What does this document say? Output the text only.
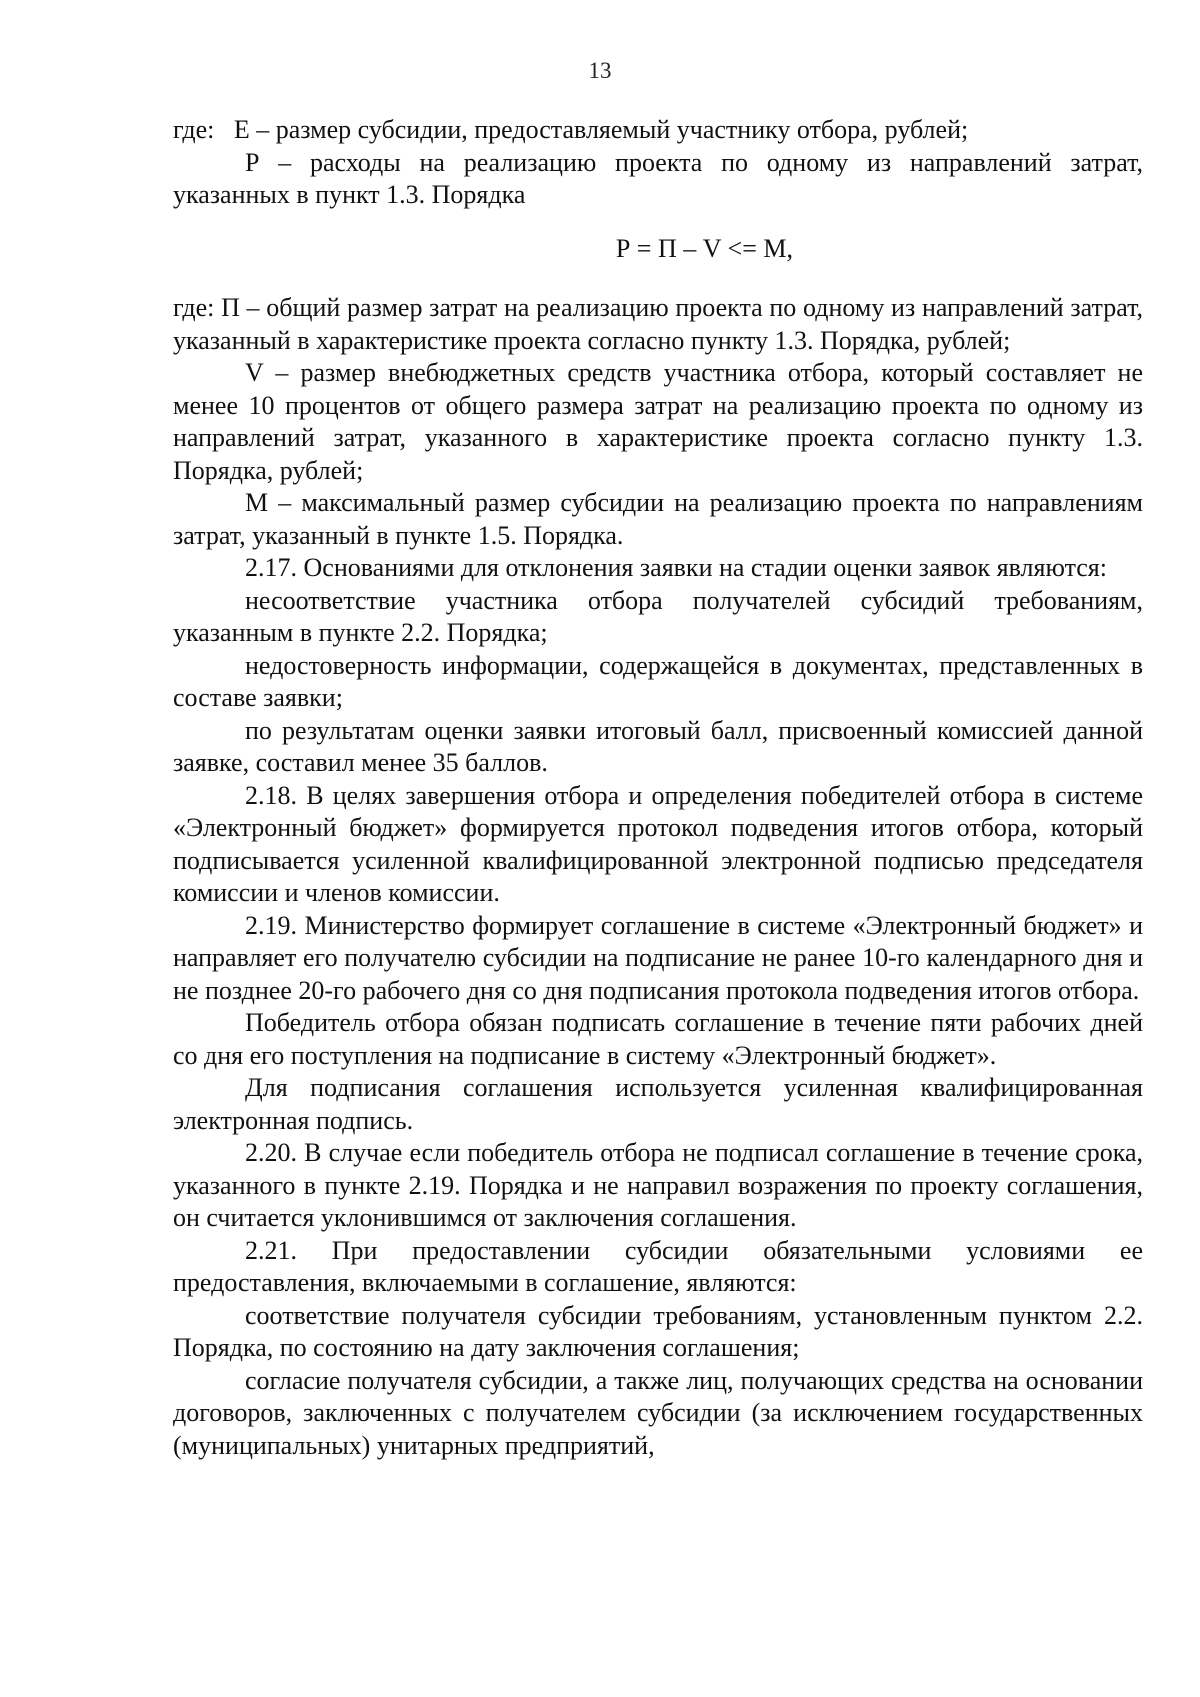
13

где:   Е – размер субсидии, предоставляемый участнику отбора, рублей;

Р – расходы на реализацию проекта по одному из направлений затрат, указанных в пункт 1.3. Порядка

Р = П – V <= М,

где: П – общий размер затрат на реализацию проекта по одному из направлений затрат, указанный в характеристике проекта согласно пункту 1.3. Порядка, рублей;

V – размер внебюджетных средств участника отбора, который составляет не менее 10 процентов от общего размера затрат на реализацию проекта по одному из направлений затрат, указанного в характеристике проекта согласно пункту 1.3. Порядка, рублей;

М – максимальный размер субсидии на реализацию проекта по направлениям затрат, указанный в пункте 1.5. Порядка.

2.17. Основаниями для отклонения заявки на стадии оценки заявок являются:

несоответствие участника отбора получателей субсидий требованиям, указанным в пункте 2.2. Порядка;

недостоверность информации, содержащейся в документах, представленных в составе заявки;

по результатам оценки заявки итоговый балл, присвоенный комиссией данной заявке, составил менее 35 баллов.

2.18. В целях завершения отбора и определения победителей отбора в системе «Электронный бюджет» формируется протокол подведения итогов отбора, который подписывается усиленной квалифицированной электронной подписью председателя комиссии и членов комиссии.

2.19. Министерство формирует соглашение в системе «Электронный бюджет» и направляет его получателю субсидии на подписание не ранее 10-го календарного дня и не позднее 20-го рабочего дня со дня подписания протокола подведения итогов отбора.

Победитель отбора обязан подписать соглашение в течение пяти рабочих дней со дня его поступления на подписание в систему «Электронный бюджет».

Для подписания соглашения используется усиленная квалифицированная электронная подпись.

2.20. В случае если победитель отбора не подписал соглашение в течение срока, указанного в пункте 2.19. Порядка и не направил возражения по проекту соглашения, он считается уклонившимся от заключения соглашения.

2.21. При предоставлении субсидии обязательными условиями ее предоставления, включаемыми в соглашение, являются:

соответствие получателя субсидии требованиям, установленным пунктом 2.2. Порядка, по состоянию на дату заключения соглашения;

согласие получателя субсидии, а также лиц, получающих средства на основании договоров, заключенных с получателем субсидии (за исключением государственных (муниципальных) унитарных предприятий,
